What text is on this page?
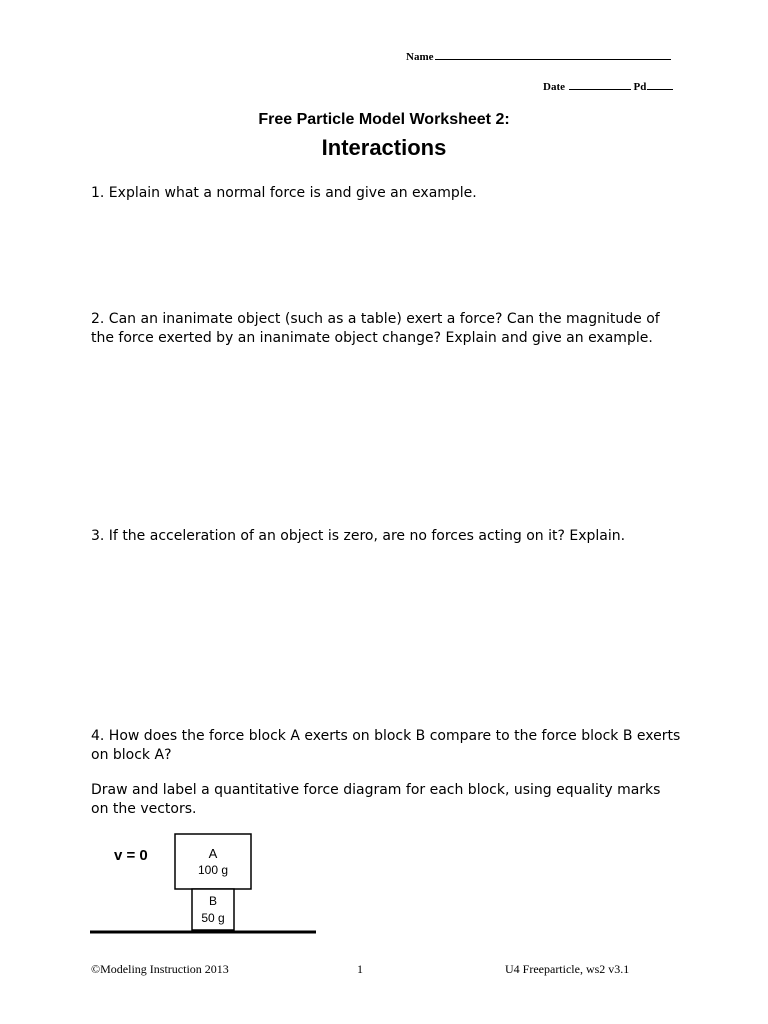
Name
Date	Pd
Free Particle Model Worksheet 2:
Interactions
1. Explain what a normal force is and give an example.
2. Can an inanimate object (such as a table) exert a force? Can the magnitude of the force exerted by an inanimate object change? Explain and give an example.
3. If the acceleration of an object is zero, are no forces acting on it? Explain.
4. How does the force block A exerts on block B compare to the force block B exerts on block A?
Draw and label a quantitative force diagram for each block, using equality marks on the vectors.
v = 0	A
100 g
B
50 g
©Modeling Instruction 2013	1	U4 Freeparticle, ws2 v3.1
